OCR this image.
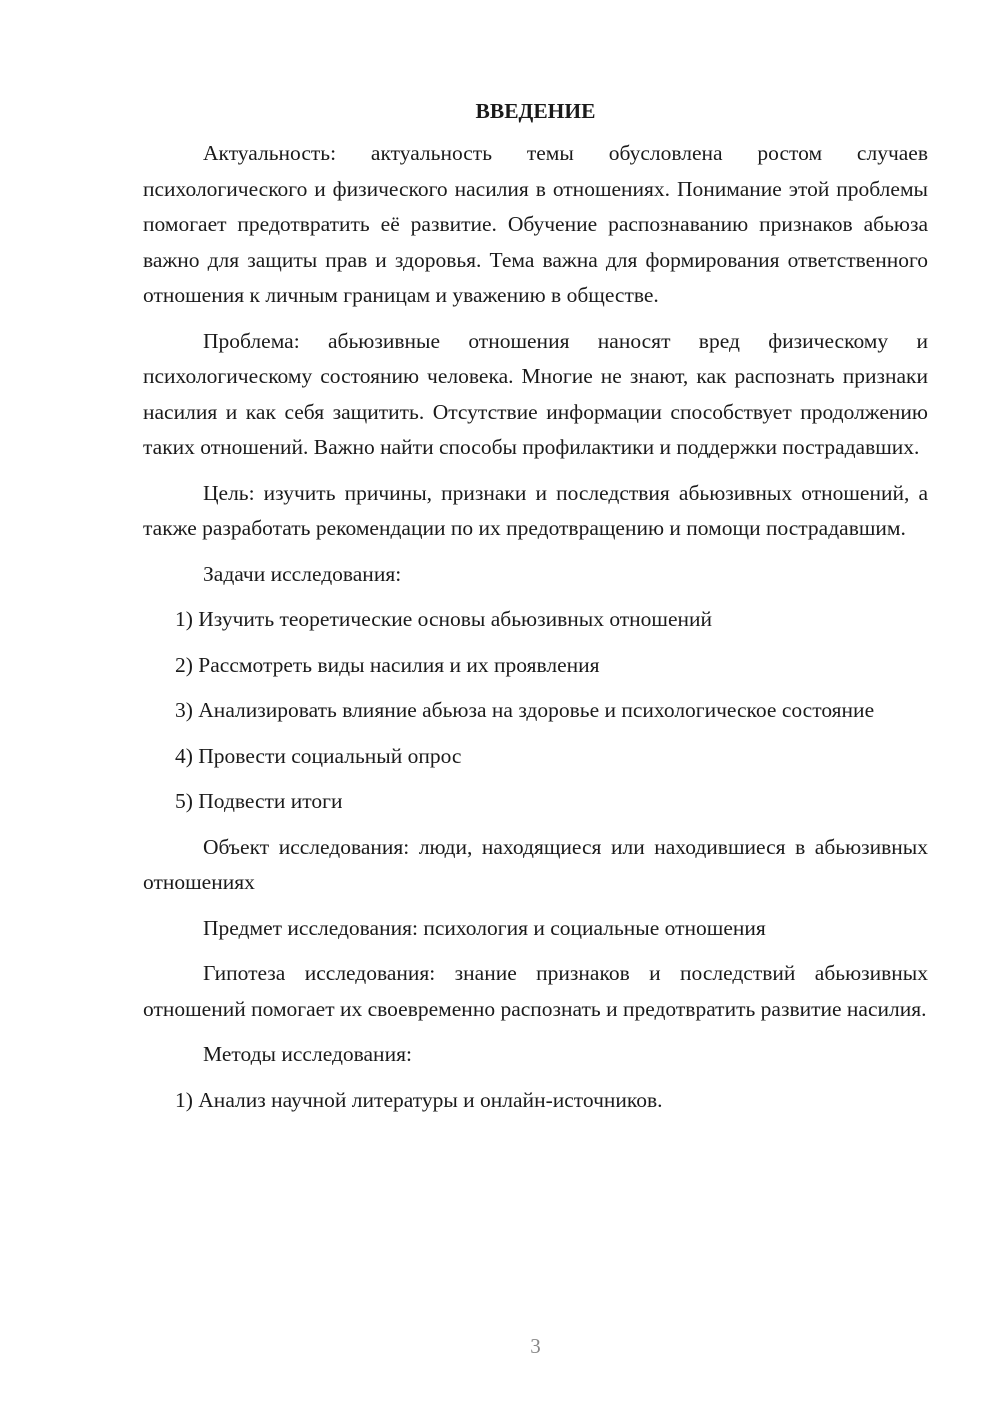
ВВЕДЕНИЕ

Актуальность: актуальность темы обусловлена ростом случаев психологического и физического насилия в отношениях. Понимание этой проблемы помогает предотвратить её развитие. Обучение распознаванию признаков абьюза важно для защиты прав и здоровья. Тема важна для формирования ответственного отношения к личным границам и уважению в обществе.

Проблема: абьюзивные отношения наносят вред физическому и психологическому состоянию человека. Многие не знают, как распознать признаки насилия и как себя защитить. Отсутствие информации способствует продолжению таких отношений. Важно найти способы профилактики и поддержки пострадавших.

Цель: изучить причины, признаки и последствия абьюзивных отношений, а также разработать рекомендации по их предотвращению и помощи пострадавшим.

Задачи исследования:

1) Изучить теоретические основы абьюзивных отношений

2) Рассмотреть виды насилия и их проявления

3) Анализировать влияние абьюза на здоровье и психологическое состояние

4) Провести социальный опрос

5) Подвести итоги

Объект исследования: люди, находящиеся или находившиеся в абьюзивных отношениях

Предмет исследования: психология и социальные отношения

Гипотеза исследования: знание признаков и последствий абьюзивных отношений помогает их своевременно распознать и предотвратить развитие насилия.

Методы исследования:

1) Анализ научной литературы и онлайн-источников.

3
